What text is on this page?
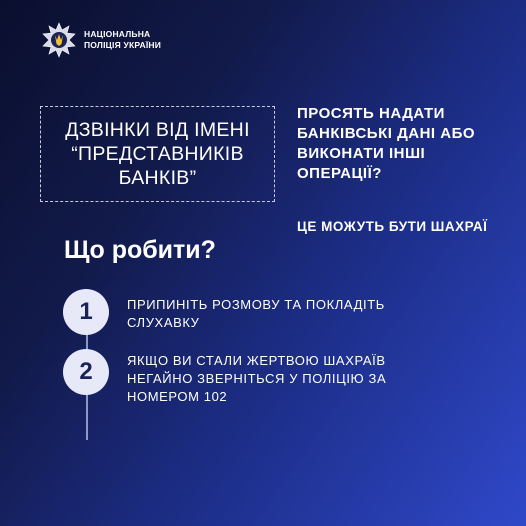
НАЦІОНАЛЬНА
ПОЛІЦІЯ УКРАЇНИ
ДЗВІНКИ ВІД ІМЕНІ
“ПРЕДСТАВНИКІВ
БАНКІВ”
ПРОСЯТЬ НАДАТИ
БАНКІВСЬКІ ДАНІ АБО
ВИКОНАТИ ІНШІ
ОПЕРАЦІЇ?
ЦЕ МОЖУТЬ БУТИ ШАХРАЇ
Що робити?
1	ПРИПИНІТЬ РОЗМОВУ ТА ПОКЛАДІТЬ
СЛУХАВКУ
2	ЯКЩО ВИ СТАЛИ ЖЕРТВОЮ ШАХРАЇВ
НЕГАЙНО ЗВЕРНІТЬСЯ У ПОЛІЦІЮ ЗА
НОМЕРОМ 102
